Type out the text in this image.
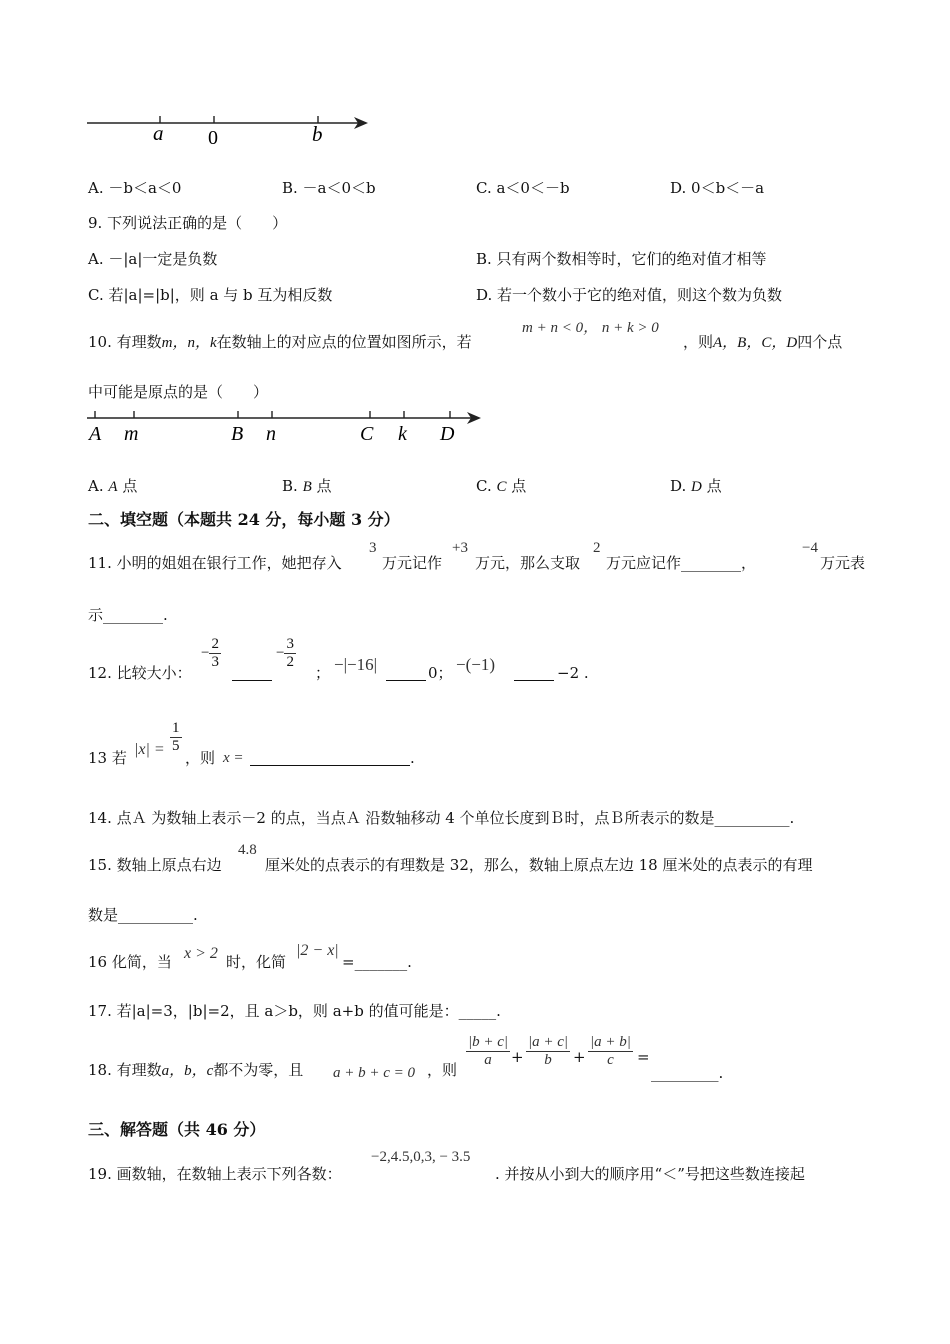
a 0	b
A. －b＜a＜0	B. －a＜0＜b	C. a＜0＜－b	D. 0＜b＜－a
9. 下列说法正确的是（　　）
A. －|a|一定是负数	B. 只有两个数相等时，它们的绝对值才相等
C. 若|a|=|b|，则 a 与 b 互为相反数	D. 若一个数小于它的绝对值，则这个数为负数
10. 有理数m，n，k在数轴上的对应点的位置如图所示，若
m + n < 0， n + k > 0
，则A，B，C，D四个点
中可能是原点的是（　　）
A m	B n	C k D
A. A 点	B. B 点	C. C 点	D. D 点
二、填空题（本题共 24 分，每小题 3 分）
11. 小明的姐姐在银行工作，她把存入
3
万元记作
+3
万元，那么支取
2
万元应记作________，
−4
万元表
示________.
12. 比较大小：
− $\frac{2}{3}$	− $\frac{3}{2}$
； −|−16|	0； −(−1)	−2 .
13 若 $|x| = \frac{1}{5}$
，则 x =	.
14. 点Ａ 为数轴上表示－2 的点，当点Ａ 沿数轴移动 4 个单位长度到Ｂ时，点Ｂ所表示的数是__________.
15. 数轴上原点右边
4.8
厘米处的点表示的有理数是 32，那么，数轴上原点左边 18 厘米处的点表示的有理
数是__________.
16 化简，当 x > 2 时，化简
|2 − x|
=_______.
17. 若|a|=3，|b|=2，且 a＞b，则 a+b 的值可能是：_____.
18. 有理数a，b，c都不为零，且 a + b + c = 0 ，则
$\frac{|b + c|}{a} + \frac{|a + c|}{b} + \frac{|a + b|}{c}$ =
_________.
三、解答题（共 46 分）
19. 画数轴，在数轴上表示下列各数：
−2,4.5,0,3, − 3.5
. 并按从小到大的顺序用“＜”号把这些数连接起
